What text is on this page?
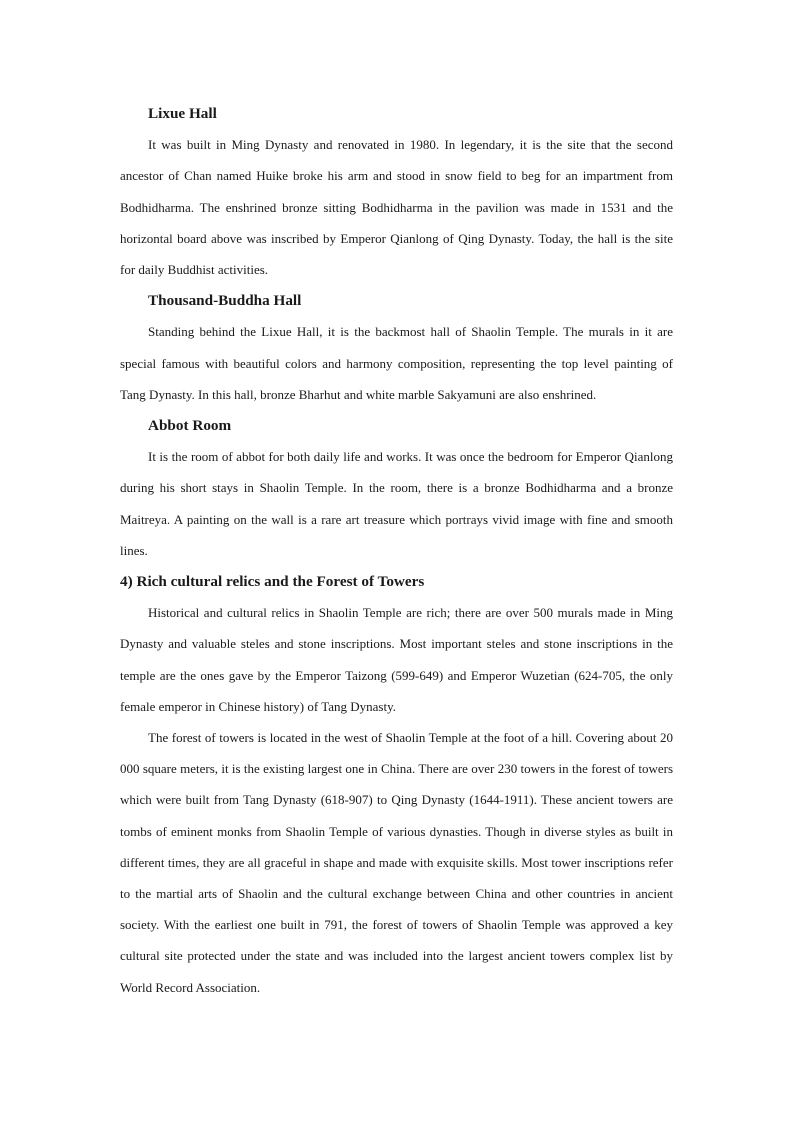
Lixue Hall

It was built in Ming Dynasty and renovated in 1980. In legendary, it is the site that the second ancestor of Chan named Huike broke his arm and stood in snow field to beg for an impartment from Bodhidharma. The enshrined bronze sitting Bodhidharma in the pavilion was made in 1531 and the horizontal board above was inscribed by Emperor Qianlong of Qing Dynasty. Today, the hall is the site for daily Buddhist activities.

Thousand-Buddha Hall

Standing behind the Lixue Hall, it is the backmost hall of Shaolin Temple. The murals in it are special famous with beautiful colors and harmony composition, representing the top level painting of Tang Dynasty. In this hall, bronze Bharhut and white marble Sakyamuni are also enshrined.

Abbot Room

It is the room of abbot for both daily life and works. It was once the bedroom for Emperor Qianlong during his short stays in Shaolin Temple. In the room, there is a bronze Bodhidharma and a bronze Maitreya. A painting on the wall is a rare art treasure which portrays vivid image with fine and smooth lines.

4) Rich cultural relics and the Forest of Towers

Historical and cultural relics in Shaolin Temple are rich; there are over 500 murals made in Ming Dynasty and valuable steles and stone inscriptions. Most important steles and stone inscriptions in the temple are the ones gave by the Emperor Taizong (599-649) and Emperor Wuzetian (624-705, the only female emperor in Chinese history) of Tang Dynasty.

The forest of towers is located in the west of Shaolin Temple at the foot of a hill. Covering about 20 000 square meters, it is the existing largest one in China. There are over 230 towers in the forest of towers which were built from Tang Dynasty (618-907) to Qing Dynasty (1644-1911). These ancient towers are tombs of eminent monks from Shaolin Temple of various dynasties. Though in diverse styles as built in different times, they are all graceful in shape and made with exquisite skills. Most tower inscriptions refer to the martial arts of Shaolin and the cultural exchange between China and other countries in ancient society. With the earliest one built in 791, the forest of towers of Shaolin Temple was approved a key cultural site protected under the state and was included into the largest ancient towers complex list by World Record Association.
